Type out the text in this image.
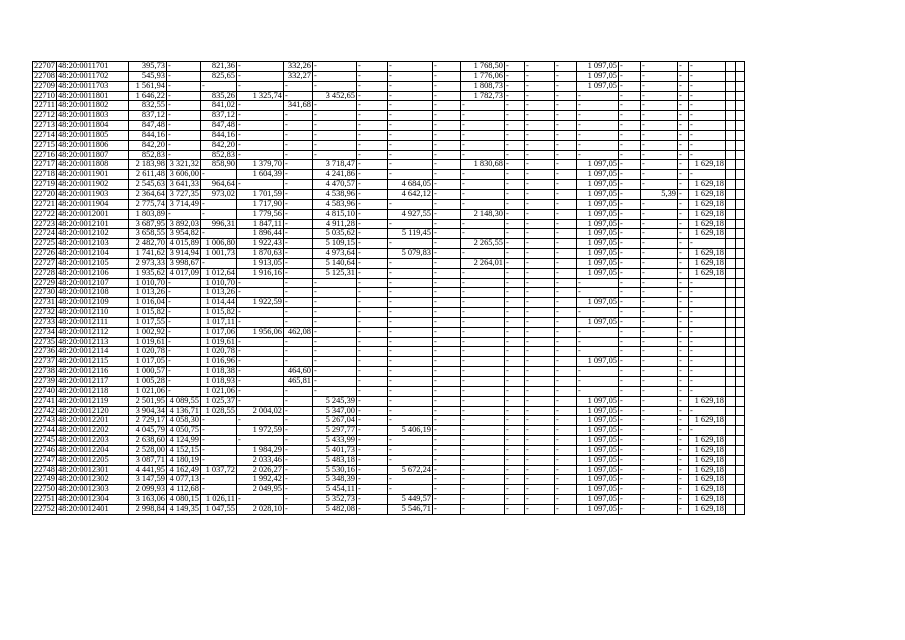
22707	48:20:0011701	395,73	-	821,36	-	332,26	-	-	-	-	1 768,50	-	-	-	1 097,05	-	-	-	-		
22708	48:20:0011702	545,93	-	825,65	-	332,27	-	-	-	-	1 776,06	-	-	-	1 097,05	-	-	-	-		
22709	48:20:0011703	1 561,94	-	-	-	-	-	-	-	-	1 808,73	-	-	-	1 097,05	-	-	-	-		
22710	48:20:0011801	1 646,22	-	835,26	1 325,74	-	3 452,65	-	-	-	1 782,73	-	-	-	-	-	-	-	-		
22711	48:20:0011802	832,55	-	841,02	-	341,68	-	-	-	-	-	-	-	-	-	-	-	-	-		
22712	48:20:0011803	837,12	-	837,12	-	-	-	-	-	-	-	-	-	-	-	-	-	-	-		
22713	48:20:0011804	847,48	-	847,48	-	-	-	-	-	-	-	-	-	-	-	-	-	-	-		
22714	48:20:0011805	844,16	-	844,16	-	-	-	-	-	-	-	-	-	-	-	-	-	-	-		
22715	48:20:0011806	842,20	-	842,20	-	-	-	-	-	-	-	-	-	-	-	-	-	-	-		
22716	48:20:0011807	852,83	-	852,83	-	-	-	-	-	-	-	-	-	-	-	-	-	-	-		
22717	48:20:0011808	2 183,98	3 321,32	858,90	1 379,70	-	3 718,47	-	-	-	1 830,68	-	-	-	1 097,05	-	-	-	1 629,18		
22718	48:20:0011901	2 611,48	3 606,00	-	1 604,39	-	4 241,86	-	-	-	-	-	-	-	1 097,05	-	-	-	-		
22719	48:20:0011902	2 545,63	3 641,33	964,64	-	-	4 470,57	-	4 684,05	-	-	-	-	-	1 097,05	-	-	-	1 629,18		
22720	48:20:0011903	2 364,64	3 727,35	973,02	1 701,59	-	4 538,96	-	4 642,12	-	-	-	-	-	1 097,05	-	5,39	-	1 629,18		
22721	48:20:0011904	2 775,74	3 714,49	-	1 717,90	-	4 583,96	-	-	-	-	-	-	-	1 097,05	-	-	-	1 629,18		
22722	48:20:0012001	1 803,89	-	-	1 779,56	-	4 815,10	-	4 927,55	-	2 148,30	-	-	-	1 097,05	-	-	-	1 629,18		
22723	48:20:0012101	3 687,95	3 892,03	996,31	1 847,11	-	4 911,28	-	-	-	-	-	-	-	1 097,05	-	-	-	1 629,18		
22724	48:20:0012102	3 658,55	3 954,82	-	1 896,44	-	5 035,62	-	5 119,45	-	-	-	-	-	1 097,05	-	-	-	1 629,18		
22725	48:20:0012103	2 482,70	4 015,89	1 006,80	1 922,43	-	5 109,15	-	-	-	2 265,55	-	-	-	1 097,05	-	-	-	-		
22726	48:20:0012104	1 741,62	3 914,94	1 001,73	1 870,63	-	4 973,64	-	5 079,83	-	-	-	-	-	1 097,05	-	-	-	1 629,18		
22727	48:20:0012105	2 973,33	3 998,67	-	1 913,05	-	5 140,64	-	-	-	2 264,01	-	-	-	1 097,05	-	-	-	1 629,18		
22728	48:20:0012106	1 935,62	4 017,09	1 012,64	1 916,16	-	5 125,31	-	-	-	-	-	-	-	1 097,05	-	-	-	1 629,18		
22729	48:20:0012107	1 010,70	-	1 010,70	-	-	-	-	-	-	-	-	-	-	-	-	-	-	-		
22730	48:20:0012108	1 013,26	-	1 013,26	-	-	-	-	-	-	-	-	-	-	-	-	-	-	-		
22731	48:20:0012109	1 016,04	-	1 014,44	1 922,59	-	-	-	-	-	-	-	-	-	1 097,05	-	-	-	-		
22732	48:20:0012110	1 015,82	-	1 015,82	-	-	-	-	-	-	-	-	-	-	-	-	-	-	-		
22733	48:20:0012111	1 017,55	-	1 017,11	-	-	-	-	-	-	-	-	-	-	1 097,05	-	-	-	-		
22734	48:20:0012112	1 002,92	-	1 017,06	1 956,06	462,08	-	-	-	-	-	-	-	-	-	-	-	-	-		
22735	48:20:0012113	1 019,61	-	1 019,61	-	-	-	-	-	-	-	-	-	-	-	-	-	-	-		
22736	48:20:0012114	1 020,78	-	1 020,78	-	-	-	-	-	-	-	-	-	-	-	-	-	-	-		
22737	48:20:0012115	1 017,05	-	1 016,96	-	-	-	-	-	-	-	-	-	-	1 097,05	-	-	-	-		
22738	48:20:0012116	1 000,57	-	1 018,38	-	464,60	-	-	-	-	-	-	-	-	-	-	-	-	-		
22739	48:20:0012117	1 005,28	-	1 018,93	-	465,81	-	-	-	-	-	-	-	-	-	-	-	-	-		
22740	48:20:0012118	1 021,06	-	1 021,06	-	-	-	-	-	-	-	-	-	-	-	-	-	-	-		
22741	48:20:0012119	2 501,95	4 089,55	1 025,37	-	-	5 245,39	-	-	-	-	-	-	-	1 097,05	-	-	-	1 629,18		
22742	48:20:0012120	3 904,34	4 136,71	1 028,55	2 004,02	-	5 347,00	-	-	-	-	-	-	-	1 097,05	-	-	-	-		
22743	48:20:0012201	2 729,17	4 058,30	-	-	-	5 267,04	-	-	-	-	-	-	-	1 097,05	-	-	-	1 629,18		
22744	48:20:0012202	4 045,79	4 050,75	-	1 972,59	-	5 297,77	-	5 406,19	-	-	-	-	-	1 097,05	-	-	-	-		
22745	48:20:0012203	2 638,60	4 124,99	-	-	-	5 433,99	-	-	-	-	-	-	-	1 097,05	-	-	-	1 629,18		
22746	48:20:0012204	2 528,00	4 152,15	-	1 984,29	-	5 401,73	-	-	-	-	-	-	-	1 097,05	-	-	-	1 629,18		
22747	48:20:0012205	3 087,71	4 180,19	-	2 033,46	-	5 483,18	-	-	-	-	-	-	-	1 097,05	-	-	-	1 629,18		
22748	48:20:0012301	4 441,95	4 162,49	1 037,72	2 026,27	-	5 530,16	-	5 672,24	-	-	-	-	-	1 097,05	-	-	-	1 629,18		
22749	48:20:0012302	3 147,59	4 077,13	-	1 992,42	-	5 348,39	-	-	-	-	-	-	-	1 097,05	-	-	-	1 629,18		
22750	48:20:0012303	2 099,93	4 112,68	-	2 049,95	-	5 454,11	-	-	-	-	-	-	-	1 097,05	-	-	-	1 629,18		
22751	48:20:0012304	3 163,06	4 080,15	1 026,11	-	-	5 352,73	-	5 449,57	-	-	-	-	-	1 097,05	-	-	-	1 629,18		
22752	48:20:0012401	2 998,84	4 149,35	1 047,55	2 028,10	-	5 482,08	-	5 546,71	-	-	-	-	-	1 097,05	-	-	-	1 629,18		
